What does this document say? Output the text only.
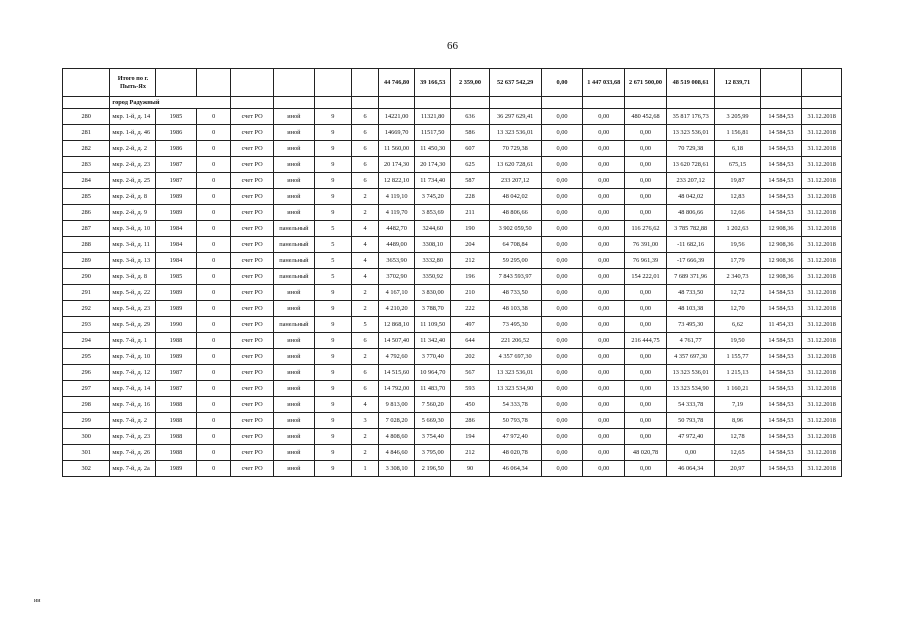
66
	Итого по г. Пыть-Ях							44 746,80	39 166,53	2 359,00	52 637 542,29	0,00	1 447 033,68	2 671 500,00	48 519 008,61	12 839,71		
	город Радужный																	
280	мкр. 1-й, д. 14	1985	0	счет РО	иной	9	6	14221,00	11321,80	636	36 297 629,41	0,00	0,00	480 452,68	35 817 176,73	3 205,99	14 584,53	31.12.2018
281	мкр. 1-й, д. 46	1986	0	счет РО	иной	9	6	14669,70	11517,50	586	13 323 536,01	0,00	0,00	0,00	13 323 536,01	1 156,81	14 584,53	31.12.2018
282	мкр. 2-й, д. 2	1986	0	счет РО	иной	9	6	11 560,00	11 450,30	607	70 729,38	0,00	0,00	0,00	70 729,38	6,18	14 584,53	31.12.2018
283	мкр. 2-й, д. 23	1987	0	счет РО	иной	9	6	20 174,30	20 174,30	625	13 620 728,61	0,00	0,00	0,00	13 620 728,61	675,15	14 584,53	31.12.2018
284	мкр. 2-й, д. 25	1987	0	счет РО	иной	9	6	12 822,10	11 734,40	587	233 207,12	0,00	0,00	0,00	233 207,12	19,87	14 584,53	31.12.2018
285	мкр. 2-й, д. 8	1989	0	счет РО	иной	9	2	4 119,10	3 745,20	228	48 042,02	0,00	0,00	0,00	48 042,02	12,83	14 584,53	31.12.2018
286	мкр. 2-й, д. 9	1989	0	счет РО	иной	9	2	4 119,70	3 853,69	211	48 806,66	0,00	0,00	0,00	48 806,66	12,66	14 584,53	31.12.2018
287	мкр. 3-й, д. 10	1984	0	счет РО	панельный	5	4	4482,70	3244,60	190	3 902 059,50	0,00	0,00	116 276,62	3 785 782,88	1 202,63	12 908,36	31.12.2018
288	мкр. 3-й, д. 11	1984	0	счет РО	панельный	5	4	4489,00	3308,10	204	64 708,84	0,00	0,00	76 391,00	-11 682,16	19,56	12 908,36	31.12.2018
289	мкр. 3-й, д. 13	1984	0	счет РО	панельный	5	4	3653,90	3332,80	212	59 295,00	0,00	0,00	76 961,39	-17 666,39	17,79	12 908,36	31.12.2018
290	мкр. 3-й, д. 8	1985	0	счет РО	панельный	5	4	3702,90	3350,92	196	7 843 593,97	0,00	0,00	154 222,01	7 689 371,96	2 340,73	12 908,36	31.12.2018
291	мкр. 5-й, д. 22	1989	0	счет РО	иной	9	2	4 167,10	3 830,00	210	48 733,50	0,00	0,00	0,00	48 733,50	12,72	14 584,53	31.12.2018
292	мкр. 5-й, д. 23	1989	0	счет РО	иной	9	2	4 210,20	3 788,70	222	48 103,38	0,00	0,00	0,00	48 103,38	12,70	14 584,53	31.12.2018
293	мкр. 5-й, д. 29	1990	0	счет РО	панельный	9	5	12 868,10	11 109,50	497	73 495,30	0,00	0,00	0,00	73 495,30	6,62	11 454,33	31.12.2018
294	мкр. 7-й, д. 1	1988	0	счет РО	иной	9	6	14 507,40	11 342,40	644	221 206,52	0,00	0,00	216 444,75	4 761,77	19,50	14 584,53	31.12.2018
295	мкр. 7-й, д. 10	1989	0	счет РО	иной	9	2	4 792,60	3 770,40	202	4 357 697,30	0,00	0,00	0,00	4 357 697,30	1 155,77	14 584,53	31.12.2018
296	мкр. 7-й, д. 12	1987	0	счет РО	иной	9	6	14 515,60	10 964,70	567	13 323 536,01	0,00	0,00	0,00	13 323 536,01	1 215,13	14 584,53	31.12.2018
297	мкр. 7-й, д. 14	1987	0	счет РО	иной	9	6	14 792,00	11 483,70	593	13 323 534,90	0,00	0,00	0,00	13 323 534,90	1 160,21	14 584,53	31.12.2018
298	мкр. 7-й, д. 16	1988	0	счет РО	иной	9	4	9 813,00	7 560,20	450	54 333,78	0,00	0,00	0,00	54 333,78	7,19	14 584,53	31.12.2018
299	мкр. 7-й, д. 2	1988	0	счет РО	иной	9	3	7 028,20	5 669,30	286	50 793,78	0,00	0,00	0,00	50 793,78	8,96	14 584,53	31.12.2018
300	мкр. 7-й, д. 23	1988	0	счет РО	иной	9	2	4 808,60	3 754,40	194	47 972,40	0,00	0,00	0,00	47 972,40	12,78	14 584,53	31.12.2018
301	мкр. 7-й, д. 26	1988	0	счет РО	иной	9	2	4 846,60	3 795,00	212	48 020,78	0,00	0,00	48 020,78	0,00	12,65	14 584,53	31.12.2018
302	мкр. 7-й, д. 2а	1989	0	счет РО	иной	9	1	3 308,10	2 196,50	90	46 064,34	0,00	0,00	0,00	46 064,34	20,97	14 584,53	31.12.2018
ии
